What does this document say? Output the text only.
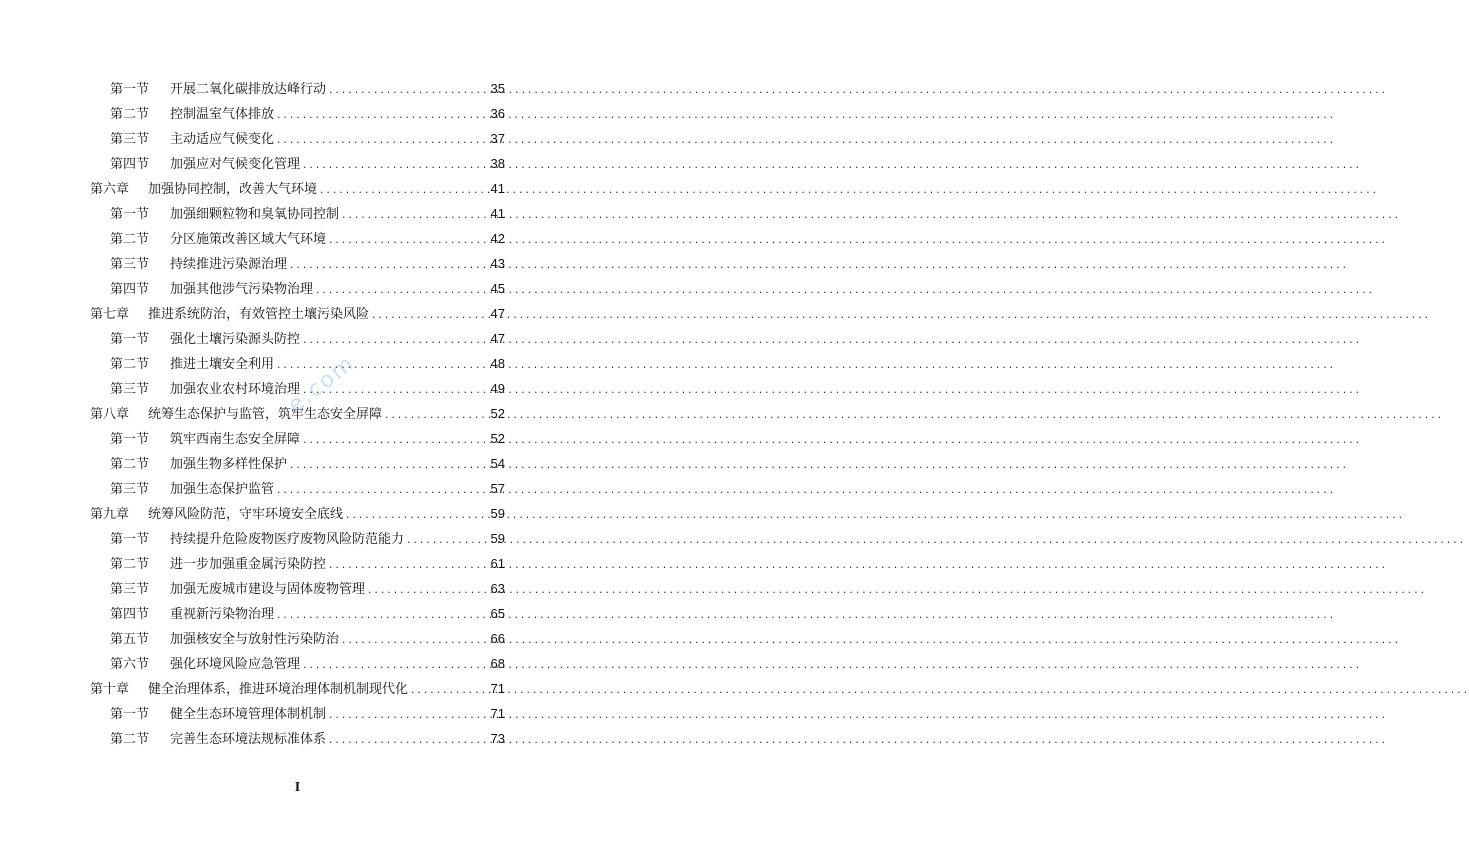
第一节	开展二氧化碳排放达峰行动 .....	35
第二节	控制温室气体排放 .....	36
第三节	主动适应气候变化 .....	37
第四节	加强应对气候变化管理 .....	38
第六章	加强协同控制，改善大气环境 .....	41
第一节	加强细颗粒物和臭氧协同控制 .....	41
第二节	分区施策改善区域大气环境 .....	42
第三节	持续推进污染源治理 .....	43
第四节	加强其他涉气污染物治理 .....	45
第七章	推进系统防治，有效管控土壤污染风险 .....	47
第一节	强化土壤污染源头防控 .....	47
第二节	推进土壤安全利用 .....	48
第三节	加强农业农村环境治理 .....	49
第八章	统筹生态保护与监管，筑牢生态安全屏障 .....	52
第一节	筑牢西南生态安全屏障 .....	52
第二节	加强生物多样性保护 .....	54
第三节	加强生态保护监管 .....	57
第九章	统筹风险防范，守牢环境安全底线 .....	59
第一节	持续提升危险废物医疗废物风险防范能力 .....	59
第二节	进一步加强重金属污染防控 .....	61
第三节	加强无废城市建设与固体废物管理 .....	63
第四节	重视新污染物治理 .....	65
第五节	加强核安全与放射性污染防治 .....	66
第六节	强化环境风险应急管理 .....	68
第十章	健全治理体系，推进环境治理体制机制现代化 .....	71
第一节	健全生态环境管理体制机制 .....	71
第二节	完善生态环境法规标准体系 .....	73
e.com
I
